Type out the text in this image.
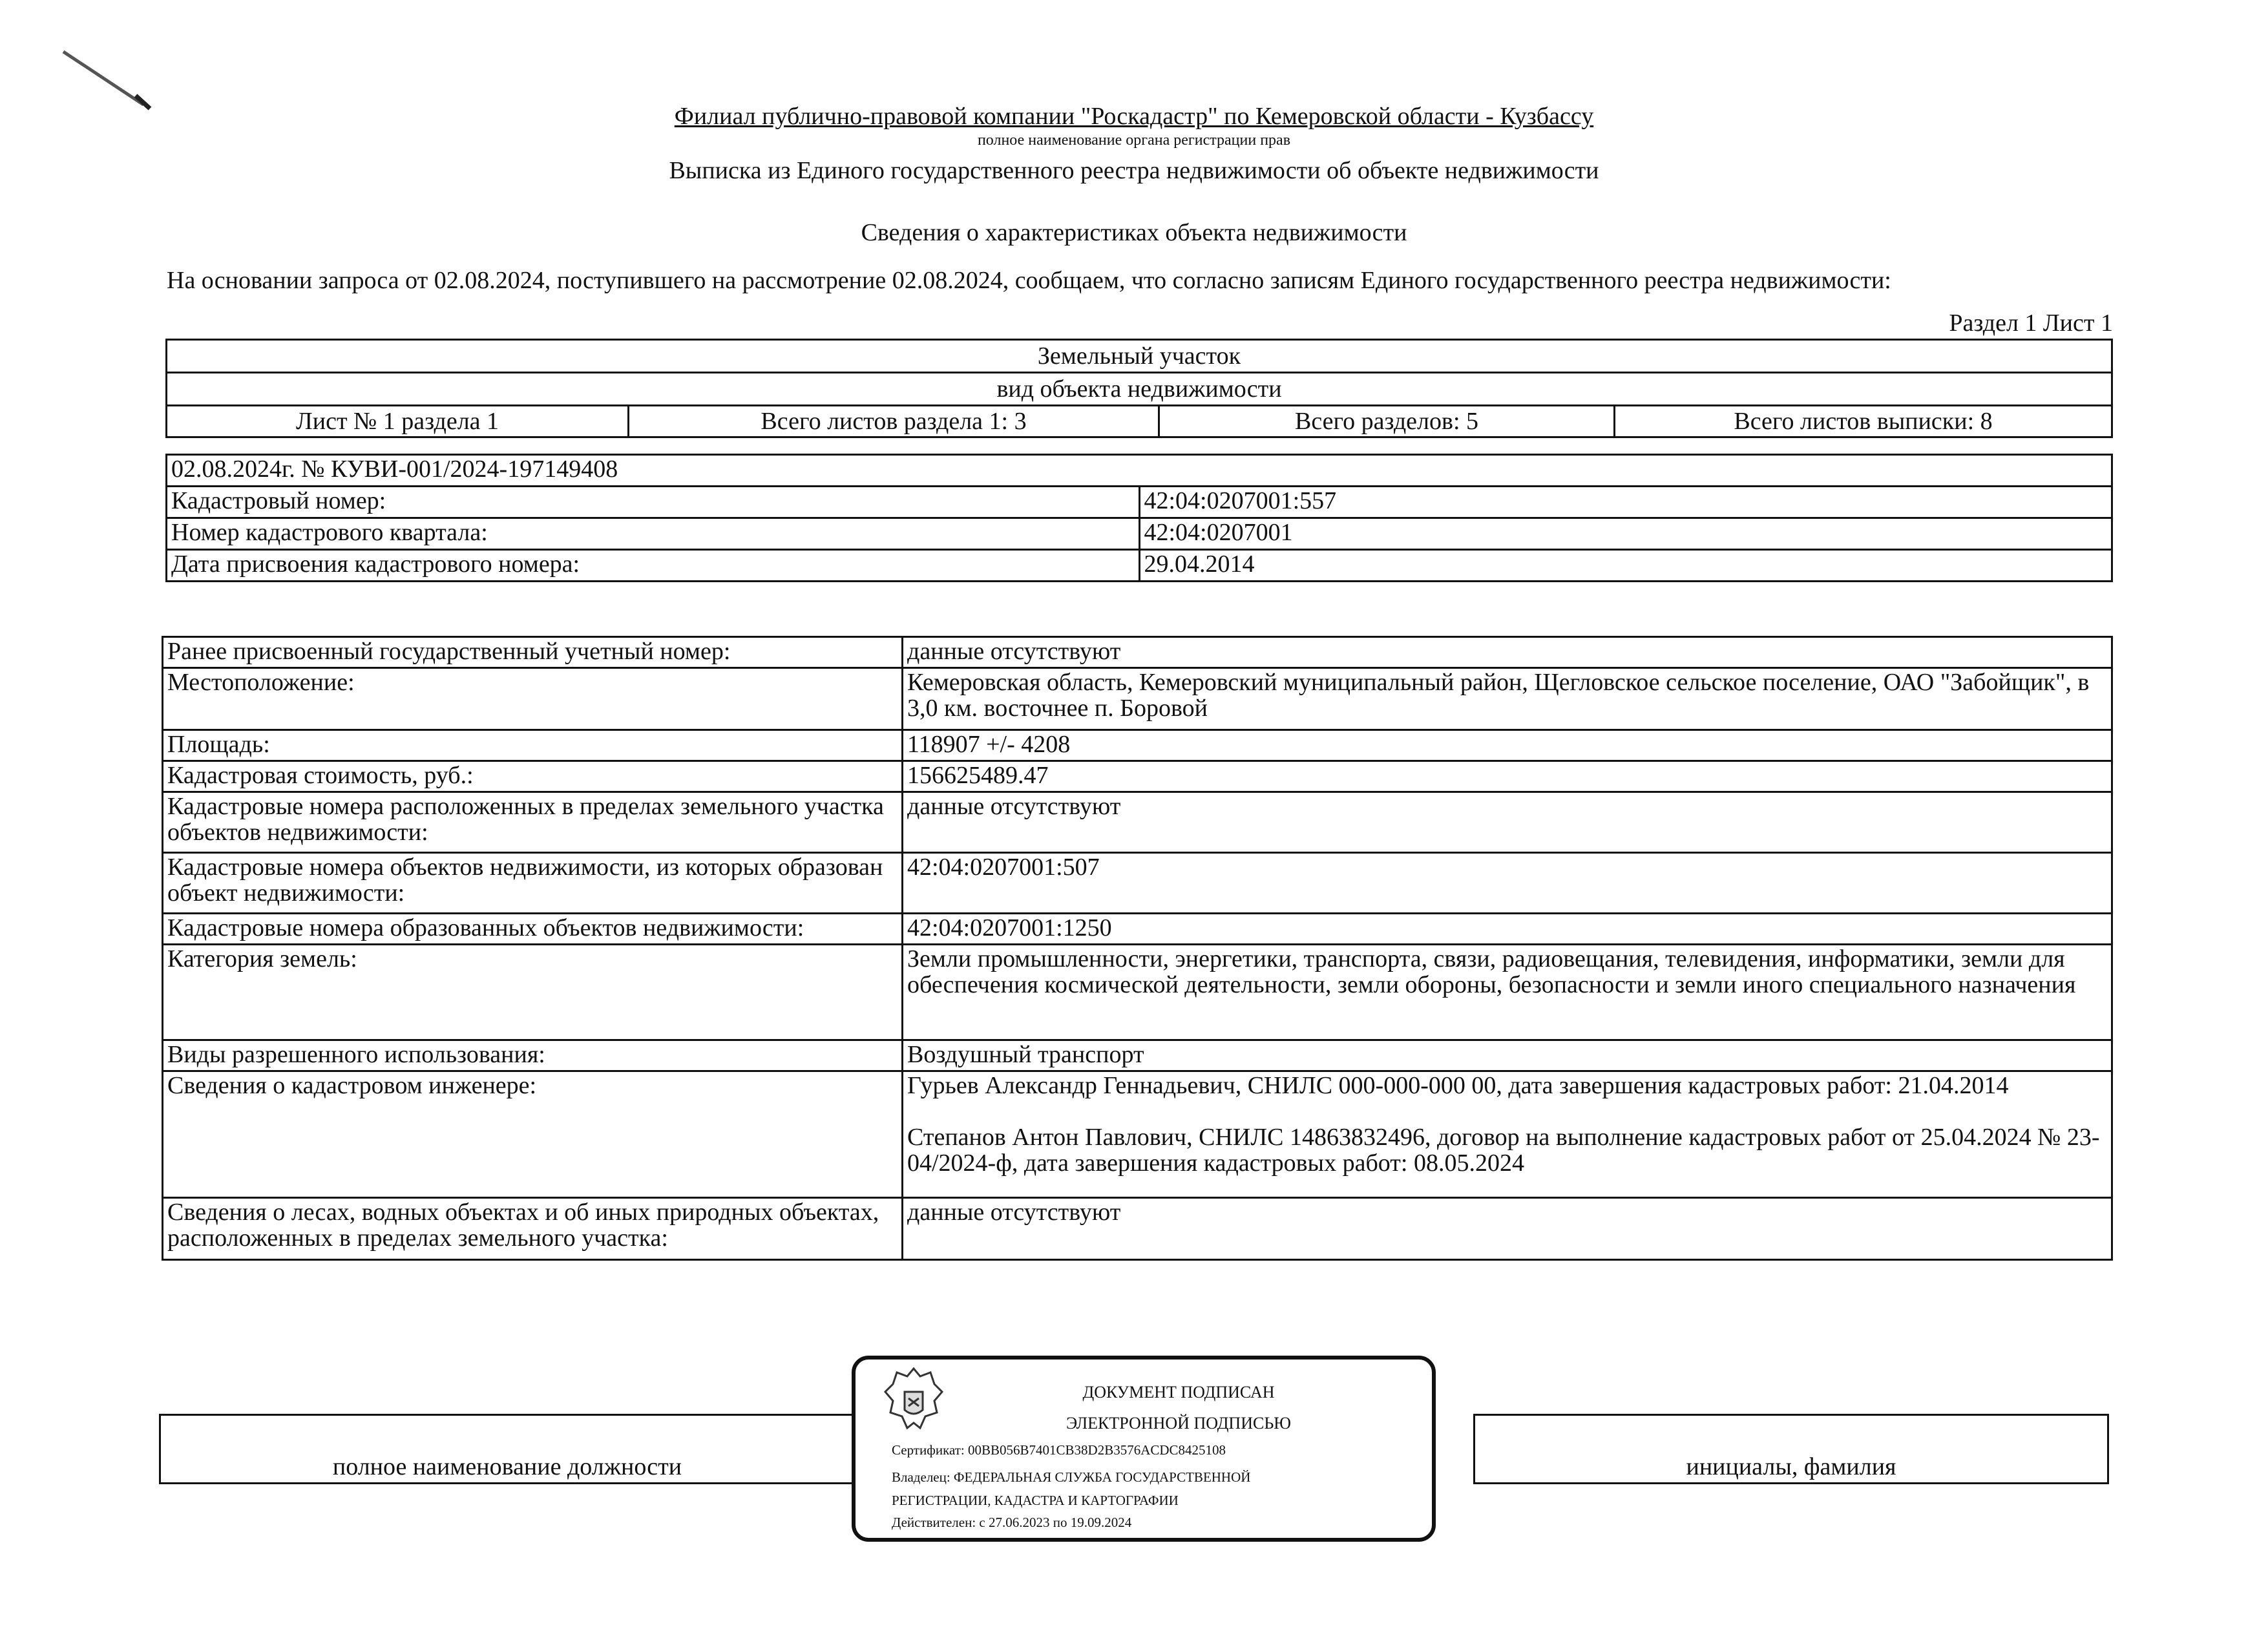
Филиал публично-правовой компании "Роскадастр" по Кемеровской области - Кузбассу
полное наименование органа регистрации прав
Выписка из Единого государственного реестра недвижимости об объекте недвижимости
Сведения о характеристиках объекта недвижимости
На основании запроса от 02.08.2024, поступившего на рассмотрение 02.08.2024, сообщаем, что согласно записям Единого государственного реестра недвижимости:
Раздел 1 Лист 1
Земельный участок
вид объекта недвижимости
Лист № 1 раздела 1	Всего листов раздела 1: 3	Всего разделов: 5	Всего листов выписки: 8
02.08.2024г. № КУВИ-001/2024-197149408	
Кадастровый номер:	42:04:0207001:557
Номер кадастрового квартала:	42:04:0207001
Дата присвоения кадастрового номера:	29.04.2014
Ранее присвоенный государственный учетный номер:	данные отсутствуют
Местоположение:	Кемеровская область, Кемеровский муниципальный район, Щегловское сельское поселение, ОАО "Забойщик", в 3,0 км. восточнее п. Боровой
Площадь:	118907 +/- 4208
Кадастровая стоимость, руб.:	156625489.47
Кадастровые номера расположенных в пределах земельного участка объектов недвижимости:	данные отсутствуют
Кадастровые номера объектов недвижимости, из которых образован объект недвижимости:	42:04:0207001:507
Кадастровые номера образованных объектов недвижимости:	42:04:0207001:1250
Категория земель:	Земли промышленности, энергетики, транспорта, связи, радиовещания, телевидения, информатики, земли для обеспечения космической деятельности, земли обороны, безопасности и земли иного специального назначения
Виды разрешенного использования:	Воздушный транспорт
Сведения о кадастровом инженере:	Гурьев Александр Геннадьевич, СНИЛС 000-000-000 00, дата завершения кадастровых работ: 21.04.2014

Степанов Антон Павлович, СНИЛС 14863832496, договор на выполнение кадастровых работ от 25.04.2024 № 23-04/2024-ф, дата завершения кадастровых работ: 08.05.2024
Сведения о лесах, водных объектах и об иных природных объектах, расположенных в пределах земельного участка:	данные отсутствуют
полное наименование должности		инициалы, фамилия
ДОКУМЕНТ ПОДПИСАН
ЭЛЕКТРОННОЙ ПОДПИСЬЮ
Сертификат: 00BB056B7401CB38D2B3576ACDC8425108
Владелец: ФЕДЕРАЛЬНАЯ СЛУЖБА ГОСУДАРСТВЕННОЙ
РЕГИСТРАЦИИ, КАДАСТРА И КАРТОГРАФИИ
Действителен: с 27.06.2023 по 19.09.2024
